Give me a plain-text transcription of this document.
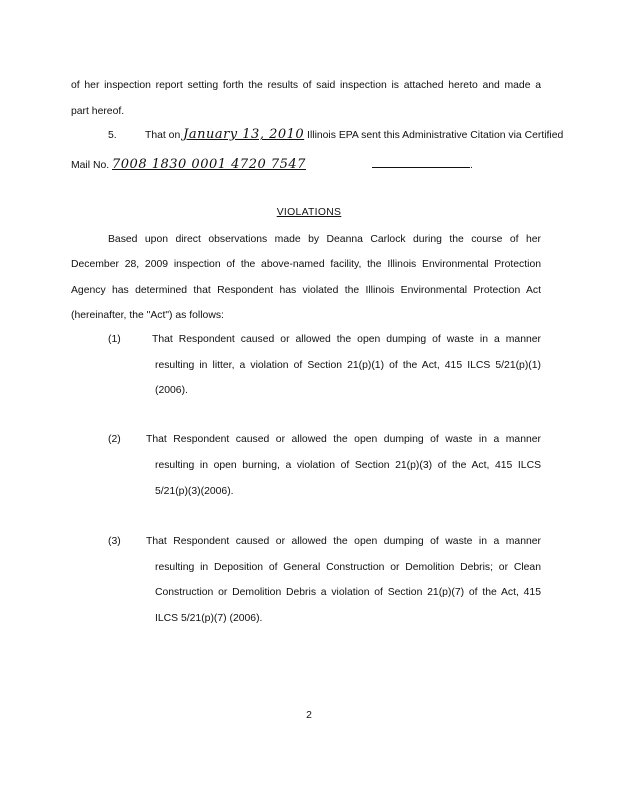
of her inspection report setting forth the results of said inspection is attached hereto and made a
part hereof.
5.	That on January 13, 2010 Illinois EPA sent this Administrative Citation via Certified
Mail No. 7008 1830 0001 4720 7547	.
VIOLATIONS
Based upon direct observations made by Deanna Carlock during the course of her
December 28, 2009 inspection of the above-named facility, the Illinois Environmental Protection
Agency has determined that Respondent has violated the Illinois Environmental Protection Act
(hereinafter, the "Act") as follows:
(1)	That Respondent caused or allowed the open dumping of waste in a manner
resulting in litter, a violation of Section 21(p)(1) of the Act, 415 ILCS 5/21(p)(1)
(2006).
(2) That Respondent caused or allowed the open dumping of waste in a manner
resulting in open burning, a violation of Section 21(p)(3) of the Act, 415 ILCS
5/21(p)(3)(2006).
(3) That Respondent caused or allowed the open dumping of waste in a manner
resulting in Deposition of General Construction or Demolition Debris; or Clean
Construction or Demolition Debris a violation of Section 21(p)(7) of the Act, 415
ILCS 5/21(p)(7) (2006).
2
